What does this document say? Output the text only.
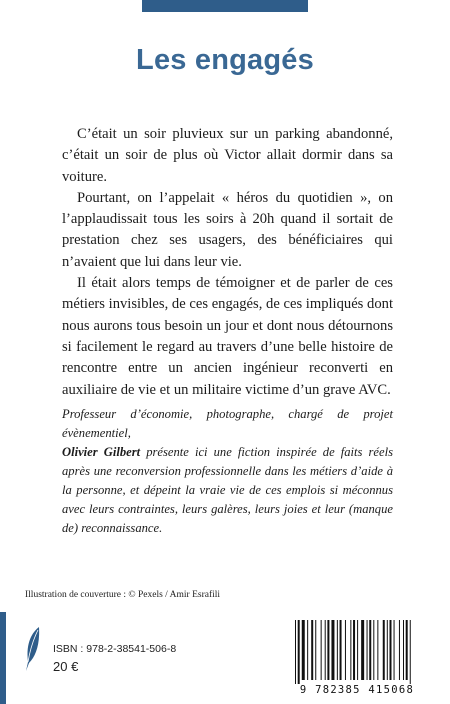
Les engagés

C’était un soir pluvieux sur un parking abandonné, c’était un soir de plus où Victor allait dormir dans sa voiture.

Pourtant, on l’appelait « héros du quotidien », on l’applaudissait tous les soirs à 20h quand il sortait de prestation chez ses usagers, des bénéficiaires qui n’avaient que lui dans leur vie.

Il était alors temps de témoigner et de parler de ces métiers invisibles, de ces engagés, de ces impliqués dont nous aurons tous besoin un jour et dont nous détournons si facilement le regard au travers d’une belle histoire de rencontre entre un ancien ingénieur reconverti en auxiliaire de vie et un militaire victime d’un grave AVC.

Professeur d’économie, photographe, chargé de projet évènementiel,
Olivier Gilbert présente ici une fiction inspirée de faits réels après une reconversion professionnelle dans les métiers d’aide à la personne, et dépeint la vraie vie de ces emplois si méconnus avec leurs contraintes, leurs galères, leurs joies et leur (manque de) reconnaissance.

Illustration de couverture : © Pexels / Amir Esrafili
ISBN : 978-2-38541-506-8
20 €
9 782385 415068
